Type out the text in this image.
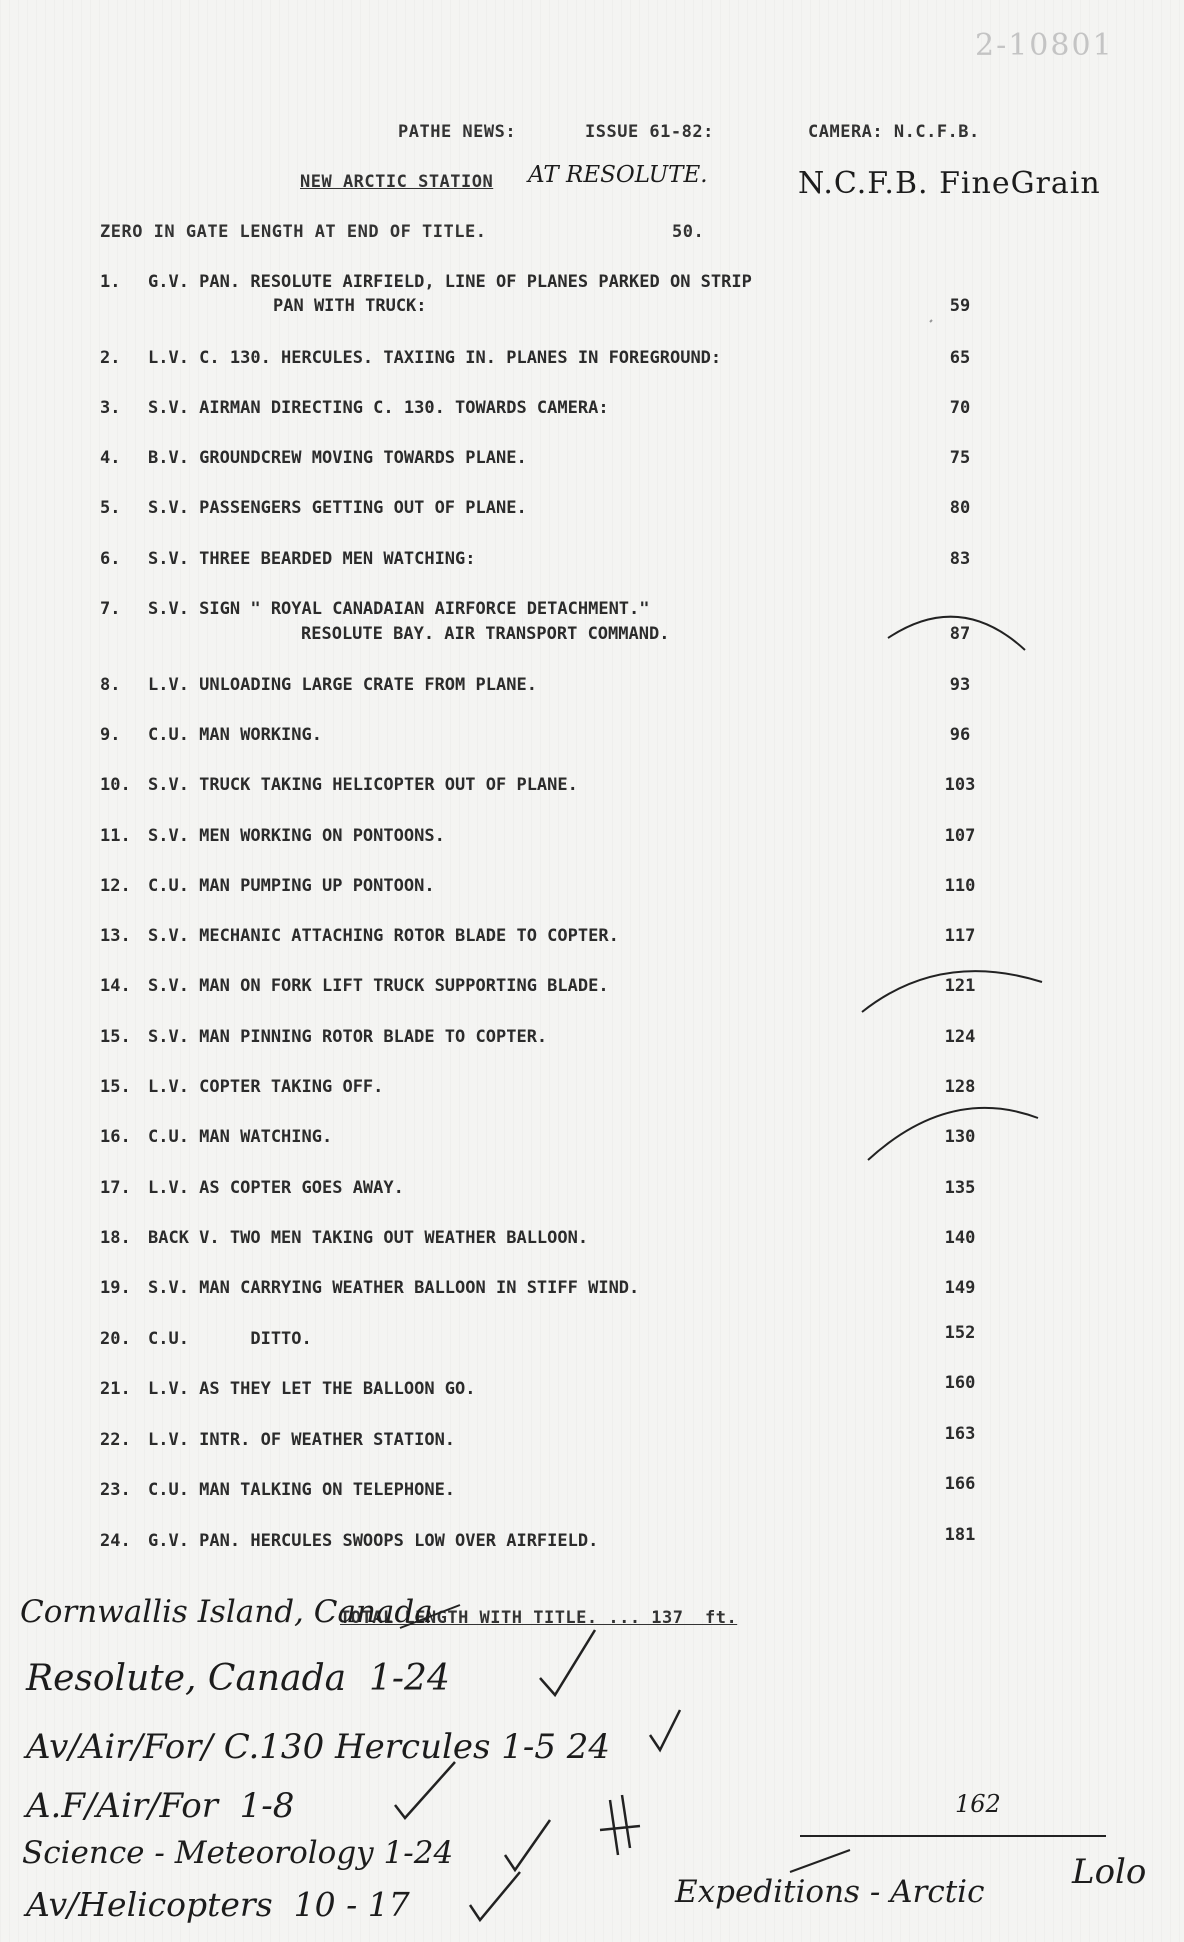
2-10801
PATHE NEWS:	ISSUE 61-82:	CAMERA: N.C.F.B.
NEW ARCTIC STATION AT RESOLUTE.	N.C.F.B. FineGrain
ZERO IN GATE LENGTH AT END OF TITLE.	50.
1. G.V. PAN. RESOLUTE AIRFIELD, LINE OF PLANES PARKED ON STRIP
PAN WITH TRUCK:	59
2. L.V. C. 130. HERCULES. TAXIING IN. PLANES IN FOREGROUND:	65
3. S.V. AIRMAN DIRECTING C. 130. TOWARDS CAMERA:	70
4. B.V. GROUNDCREW MOVING TOWARDS PLANE.	75
5. S.V. PASSENGERS GETTING OUT OF PLANE.	80
6. S.V. THREE BEARDED MEN WATCHING:	83
7. S.V. SIGN " ROYAL CANADAIAN AIRFORCE DETACHMENT."
RESOLUTE BAY. AIR TRANSPORT COMMAND.	87
8. L.V. UNLOADING LARGE CRATE FROM PLANE.	93
9. C.U. MAN WORKING.	96
10. S.V. TRUCK TAKING HELICOPTER OUT OF PLANE.	103
11. S.V. MEN WORKING ON PONTOONS.	107
12. C.U. MAN PUMPING UP PONTOON.	110
13. S.V. MECHANIC ATTACHING ROTOR BLADE TO COPTER.	117
14. S.V. MAN ON FORK LIFT TRUCK SUPPORTING BLADE.	121
15. S.V. MAN PINNING ROTOR BLADE TO COPTER.	124
15. L.V. COPTER TAKING OFF.	128
16. C.U. MAN WATCHING.	130
17. L.V. AS COPTER GOES AWAY.	135
18. BACK V. TWO MEN TAKING OUT WEATHER BALLOON.	140
19. S.V. MAN CARRYING WEATHER BALLOON IN STIFF WIND.	149
20. C.U.      DITTO.	152
21. L.V. AS THEY LET THE BALLOON GO.	160
22. L.V. INTR. OF WEATHER STATION.	163
23. C.U. MAN TALKING ON TELEPHONE.	166
24. G.V. PAN. HERCULES SWOOPS LOW OVER AIRFIELD.	181
TOTAL LENGTH WITH TITLE. ... 137  ft.
Cornwallis Island, Canada
Resolute, Canada  1-24
Av/Air/For/ C.130 Hercules 1-5 24
A.F/Air/For  1-8
Science - Meteorology 1-24
Av/Helicopters  10 - 17	Expeditions - Arctic	Lolo
162
